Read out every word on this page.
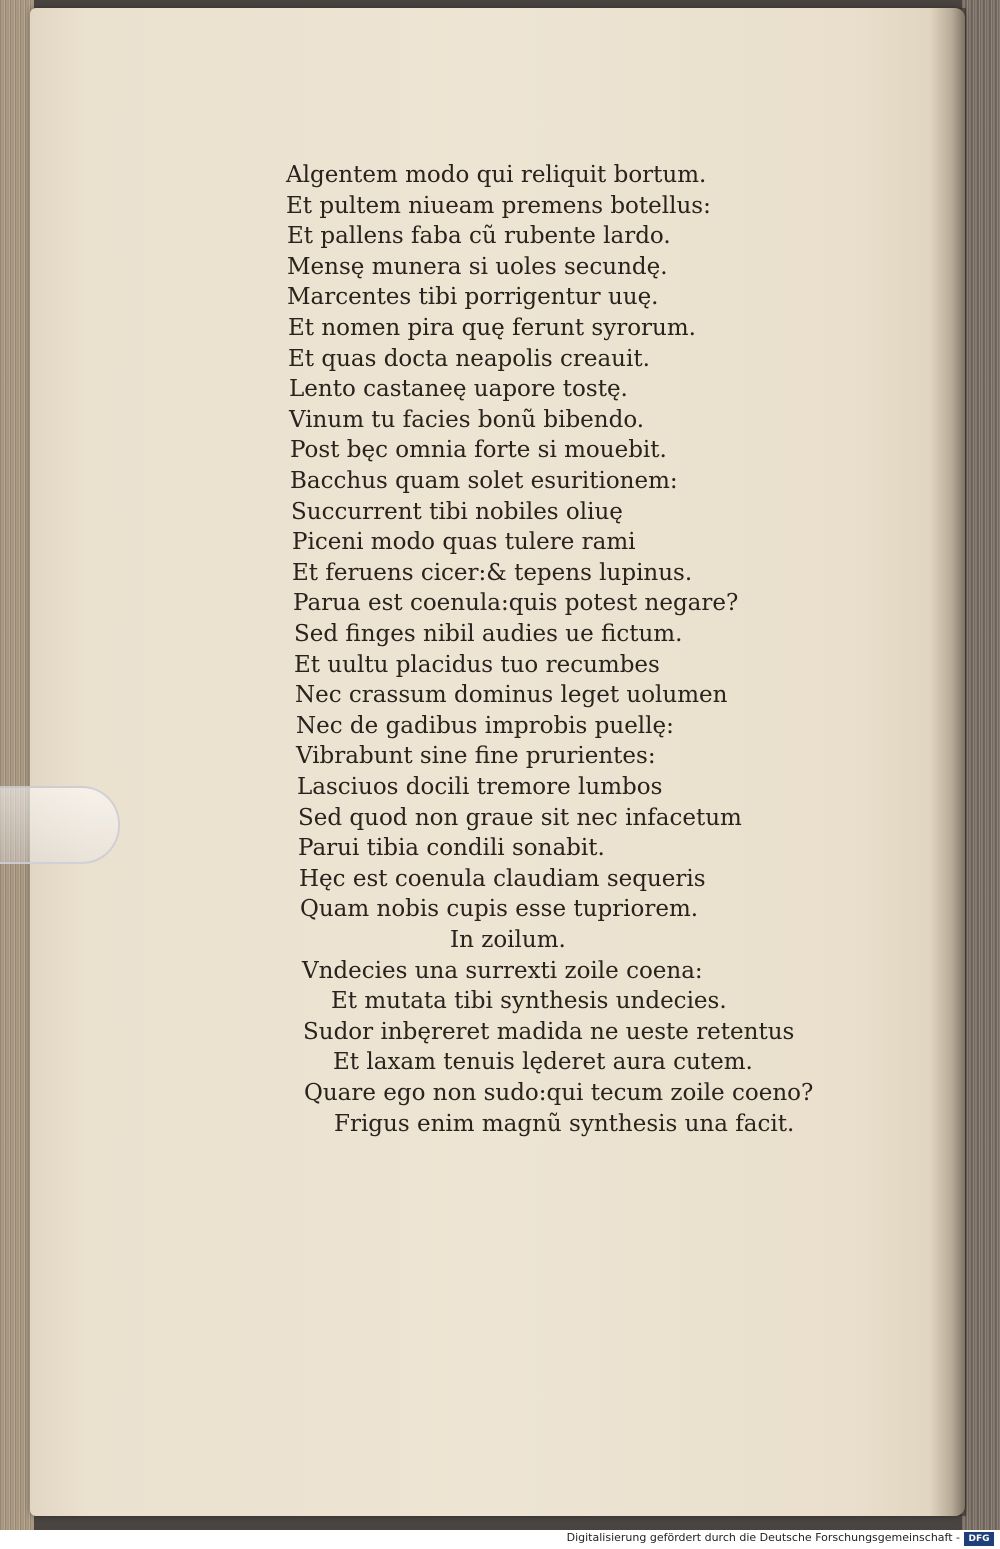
Algentem modo qui reliquit bortum.
Et pultem niueam premens botellus:
Et pallens faba cũ rubente lardo.
Mensę munera si uoles secundę.
Marcentes tibi porrigentur uuę.
Et nomen pira quę ferunt syrorum.
Et quas docta neapolis creauit.
Lento castaneę uapore tostę.
Vinum tu facies bonũ bibendo.
Post bęc omnia forte si mouebit.
Bacchus quam solet esuritionem:
Succurrent tibi nobiles oliuę
Piceni modo quas tulere rami
Et feruens cicer:& tepens lupinus.
Parua est coenula:quis potest negare?
Sed finges nibil audies ue fictum.
Et uultu placidus tuo recumbes
Nec crassum dominus leget uolumen
Nec de gadibus improbis puellę:
Vibrabunt sine fine prurientes:
Lasciuos docili tremore lumbos
Sed quod non graue sit nec infacetum
Parui tibia condili sonabit.
Hęc est coenula claudiam sequeris
Quam nobis cupis esse tupriorem.
In zoilum.
Vndecies una surrexti zoile coena:
Et mutata tibi synthesis undecies.
Sudor inbęreret madida ne ueste retentus
Et laxam tenuis lęderet aura cutem.
Quare ego non sudo:qui tecum zoile coeno?
Frigus enim magnũ synthesis una facit.
Digitalisierung gefördert durch die Deutsche Forschungsgemeinschaft - DFG
